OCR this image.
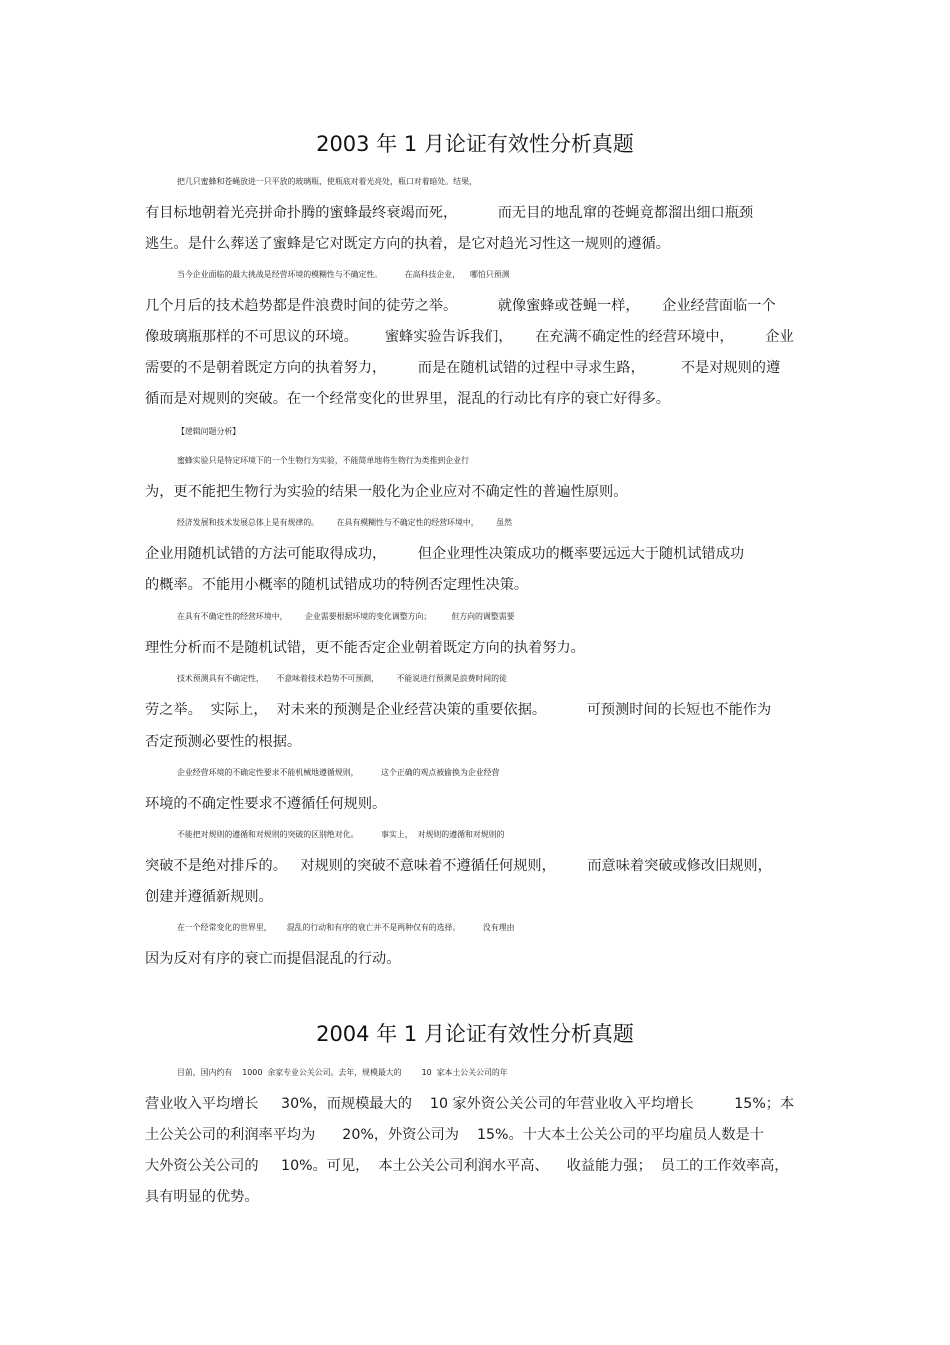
2003 年 1 月论证有效性分析真题
把几只蜜蜂和苍蝇放进一只平放的玻璃瓶，使瓶底对着光亮处，瓶口对着暗处。结果，
有目标地朝着光亮拼命扑腾的蜜蜂最终衰竭而死，         而无目的地乱窜的苍蝇竟都溜出细口瓶颈
逃生。是什么葬送了蜜蜂是它对既定方向的执着，是它对趋光习性这一规则的遵循。
当今企业面临的最大挑战是经营环境的模糊性与不确定性。         在高科技企业，    哪怕只预测
几个月后的技术趋势都是件浪费时间的徒劳之举。         就像蜜蜂或苍蝇一样，     企业经营面临一个
像玻璃瓶那样的不可思议的环境。      蜜蜂实验告诉我们，     在充满不确定性的经营环境中，       企业
需要的不是朝着既定方向的执着努力，       而是在随机试错的过程中寻求生路，        不是对规则的遵
循而是对规则的突破。在一个经常变化的世界里，混乱的行动比有序的衰亡好得多。
【逻辑问题分析】
蜜蜂实验只是特定环境下的一个生物行为实验，不能简单地将生物行为类推到企业行
为，更不能把生物行为实验的结果一般化为企业应对不确定性的普遍性原则。
经济发展和技术发展总体上是有规律的。       在具有模糊性与不确定性的经营环境中，       虽然
企业用随机试错的方法可能取得成功，       但企业理性决策成功的概率要远远大于随机试错成功
的概率。不能用小概率的随机试错成功的特例否定理性决策。
在具有不确定性的经营环境中，       企业需要根据环境的变化调整方向；        但方向的调整需要
理性分析而不是随机试错，更不能否定企业朝着既定方向的执着努力。
技术预测具有不确定性，     不意味着技术趋势不可预测，       不能说进行预测是浪费时间的徒
劳之举。  实际上，  对未来的预测是企业经营决策的重要依据。         可预测时间的长短也不能作为
否定预测必要性的根据。
企业经营环境的不确定性要求不能机械地遵循规则，         这个正确的观点被偷换为企业经营
环境的不确定性要求不遵循任何规则。
不能把对规则的遵循和对规则的突破的区别绝对化。         事实上，  对规则的遵循和对规则的
突破不是绝对排斥的。   对规则的突破不意味着不遵循任何规则，       而意味着突破或修改旧规则，
创建并遵循新规则。
在一个经常变化的世界里，      混乱的行动和有序的衰亡并不是两种仅有的选择。         没有理由
因为反对有序的衰亡而提倡混乱的行动。
2004 年 1 月论证有效性分析真题
目前，国内约有    1000  余家专业公关公司。去年，规模最大的        10  家本土公关公司的年
营业收入平均增长     30%，而规模最大的    10 家外资公关公司的年营业收入平均增长         15%；本
土公关公司的利润率平均为      20%，外资公司为    15%。十大本土公关公司的平均雇员人数是十
大外资公关公司的     10%。可见，  本土公关公司利润水平高、    收益能力强；  员工的工作效率高，
具有明显的优势。
